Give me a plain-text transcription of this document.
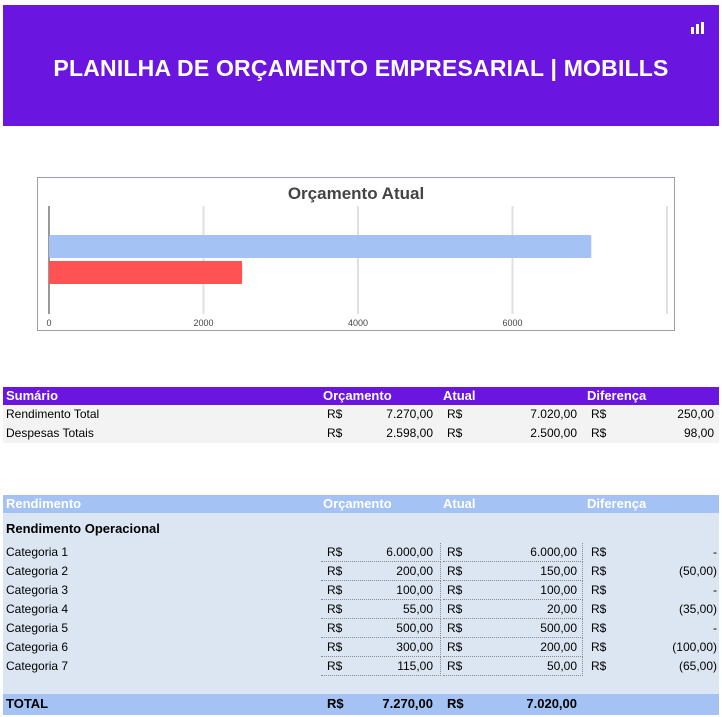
PLANILHA DE ORÇAMENTO EMPRESARIAL | MOBILLS
Orçamento Atual
0	2000	4000	6000
Sumário	Orçamento	Atual	Diferença
Rendimento Total	R$	7.270,00 R$	7.020,00 R$	250,00
Despesas Totais	R$	2.598,00 R$	2.500,00 R$	98,00
Rendimento	Orçamento	Atual	Diferença
Rendimento Operacional
Categoria 1	R$	6.000,00 R$	6.000,00 R$	-
Categoria 2	R$	200,00 R$	150,00 R$	(50,00)
Categoria 3	R$	100,00 R$	100,00 R$	-
Categoria 4	R$	55,00 R$	20,00 R$	(35,00)
Categoria 5	R$	500,00 R$	500,00 R$	-
Categoria 6	R$	300,00 R$	200,00 R$	(100,00)
Categoria 7	R$	115,00 R$	50,00 R$	(65,00)
TOTAL	R$	7.270,00 R$	7.020,00
